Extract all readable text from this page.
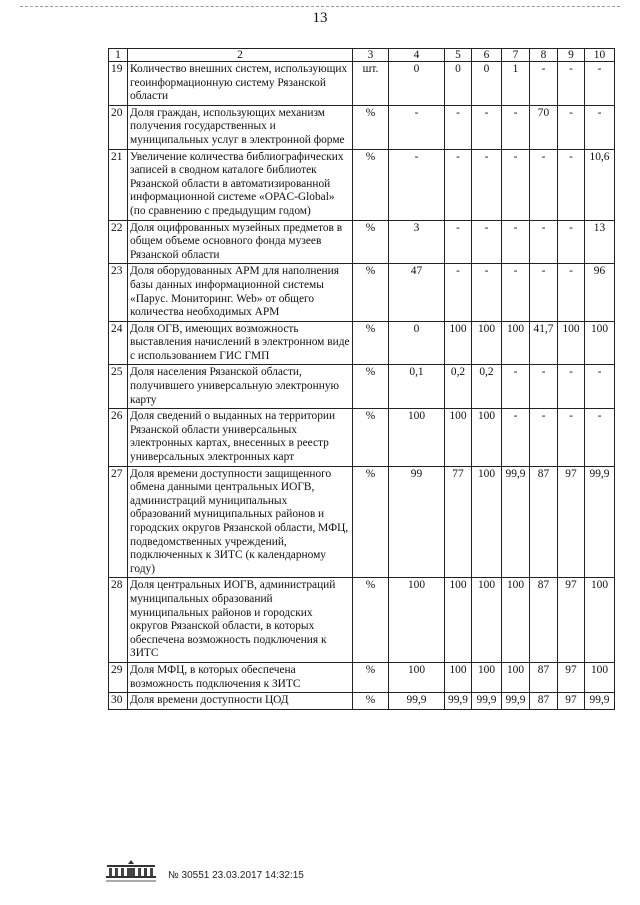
13
1	2	3	4	5	6	7	8	9	10
19	Количество внешних систем, использующих геоинформационную систему Рязанской области	шт.	0	0	0	1	-	-	-
20	Доля граждан, использующих механизм получения государственных и муниципальных услуг в электронной форме	%	-	-	-	-	70	-	-
21	Увеличение количества библиографических записей в сводном каталоге библиотек Рязанской области в автоматизированной информационной системе «OPAC-Global» (по сравнению с предыдущим годом)	%	-	-	-	-	-	-	10,6
22	Доля оцифрованных музейных предметов в общем объеме основного фонда музеев Рязанской области	%	3	-	-	-	-	-	13
23	Доля оборудованных АРМ для наполнения базы данных информационной системы «Парус. Мониторинг. Web» от общего количества необходимых АРМ	%	47	-	-	-	-	-	96
24	Доля ОГВ, имеющих возможность выставления начислений в электронном виде с использованием ГИС ГМП	%	0	100	100	100	41,7	100	100
25	Доля населения Рязанской области, получившего универсальную электронную карту	%	0,1	0,2	0,2	-	-	-	-
26	Доля сведений о выданных на территории Рязанской области универсальных электронных картах, внесенных в реестр универсальных электронных карт	%	100	100	100	-	-	-	-
27	Доля времени доступности защищенного обмена данными центральных ИОГВ, администраций муниципальных образований муниципальных районов и городских округов Рязанской области, МФЦ, подведомственных учреждений, подключенных к ЗИТС (к календарному году)	%	99	77	100	99,9	87	97	99,9
28	Доля центральных ИОГВ, администраций муниципальных образований муниципальных районов и городских округов Рязанской области, в которых обеспечена возможность подключения к ЗИТС	%	100	100	100	100	87	97	100
29	Доля МФЦ, в которых обеспечена возможность подключения к ЗИТС	%	100	100	100	100	87	97	100
30	Доля времени доступности ЦОД	%	99,9	99,9	99,9	99,9	87	97	99,9
№ 30551 23.03.2017 14:32:15
